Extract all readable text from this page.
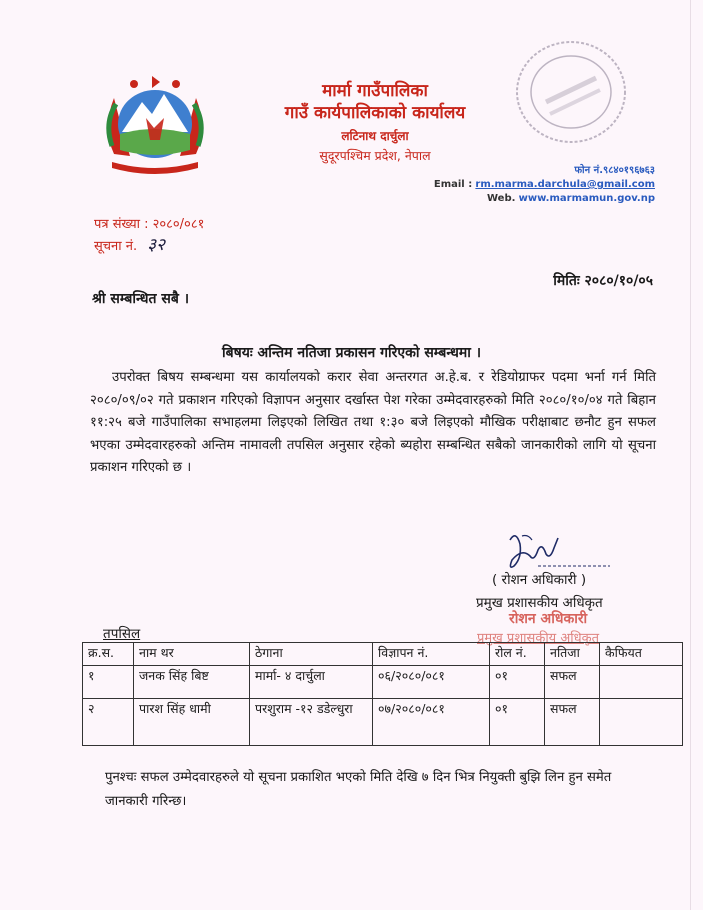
मार्मा गाउँपालिका
गाउँ कार्यपालिकाको कार्यालय
लटिनाथ दार्चुला
सुदूरपश्चिम प्रदेश, नेपाल
फोन नं.९८४०१९६७६३
Email : rm.marma.darchula@gmail.com
Web. www.marmamun.gov.np
पत्र संख्या : २०८०/०८१
सूचना नं. ३२
मितिः २०८०/१०/०५
श्री सम्बन्धित सबै ।
बिषयः अन्तिम नतिजा प्रकासन गरिएको सम्बन्धमा ।
उपरोक्त बिषय सम्बन्धमा यस कार्यालयको करार सेवा अन्तरगत अ.हे.ब. र रेडियोग्राफर पदमा भर्ना गर्न मिति २०८०/०९/०२ गते प्रकाशन गरिएको विज्ञापन अनुसार दर्खास्त पेश गरेका उम्मेदवारहरुको मिति २०८०/१०/०४ गते बिहान ११:२५ बजे गाउँपालिका सभाहलमा लिइएको लिखित तथा १:३० बजे लिइएको मौखिक परीक्षाबाट छनौट हुन सफल भएका उम्मेदवारहरुको अन्तिम नामावली तपसिल अनुसार रहेको ब्यहोरा सम्बन्धित सबैको जानकारीको लागि यो सूचना प्रकाशन गरिएको छ ।
( रोशन अधिकारी )
प्रमुख प्रशासकीय अधिकृत
रोशन अधिकारी
प्रमुख प्रशासकीय अधिकृत
तपसिल
क्र.स.	नाम थर	ठेगाना	विज्ञापन नं.	रोल नं.	नतिजा	कैफियत
१	जनक सिंह बिष्ट	मार्मा- ४ दार्चुला	०६/२०८०/०८१	०१	सफल	
२	पारश सिंह धामी	परशुराम -१२ डडेल्धुरा	०७/२०८०/०८१	०१	सफल	
पुनश्चः सफल उम्मेदवारहरुले यो सूचना प्रकाशित भएको मिति देखि ७ दिन भित्र नियुक्ती बुझि लिन हुन समेत जानकारी गरिन्छ।
